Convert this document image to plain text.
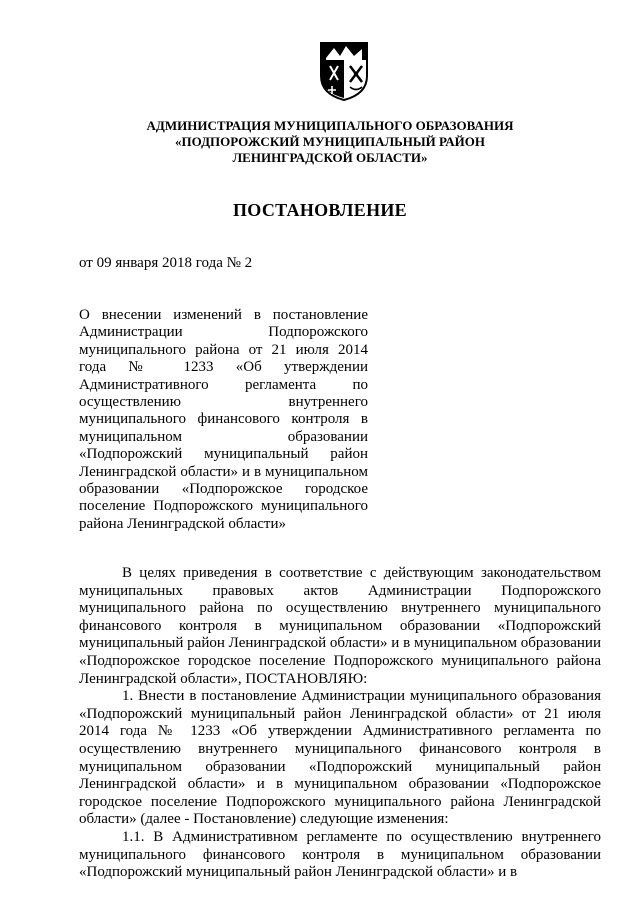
АДМИНИСТРАЦИЯ МУНИЦИПАЛЬНОГО ОБРАЗОВАНИЯ
«ПОДПОРОЖСКИЙ МУНИЦИПАЛЬНЫЙ РАЙОН
ЛЕНИНГРАДСКОЙ ОБЛАСТИ»
ПОСТАНОВЛЕНИЕ
от 09 января 2018 года № 2
О внесении изменений в постановление Администрации Подпорожского муниципального района от 21 июля 2014 года № 1233 «Об утверждении Административного регламента по осуществлению внутреннего муниципального финансового контроля в муниципальном образовании «Подпорожский муниципальный район Ленинградской области» и в муниципальном образовании «Подпорожское городское поселение Подпорожского муниципального района Ленинградской области»

В целях приведения в соответствие с действующим законодательством муниципальных правовых актов Администрации Подпорожского муниципального района по осуществлению внутреннего муниципального финансового контроля в муниципальном образовании «Подпорожский муниципальный район Ленинградской области» и в муниципальном образовании «Подпорожское городское поселение Подпорожского муниципального района Ленинградской области», ПОСТАНОВЛЯЮ:

1. Внести в постановление Администрации муниципального образования «Подпорожский муниципальный район Ленинградской области» от 21 июля 2014 года № 1233 «Об утверждении Административного регламента по осуществлению внутреннего муниципального финансового контроля в муниципальном образовании «Подпорожский муниципальный район Ленинградской области» и в муниципальном образовании «Подпорожское городское поселение Подпорожского муниципального района Ленинградской области» (далее - Постановление) следующие изменения:

1.1. В Административном регламенте по осуществлению внутреннего муниципального финансового контроля в муниципальном образовании «Подпорожский муниципальный район Ленинградской области» и в
